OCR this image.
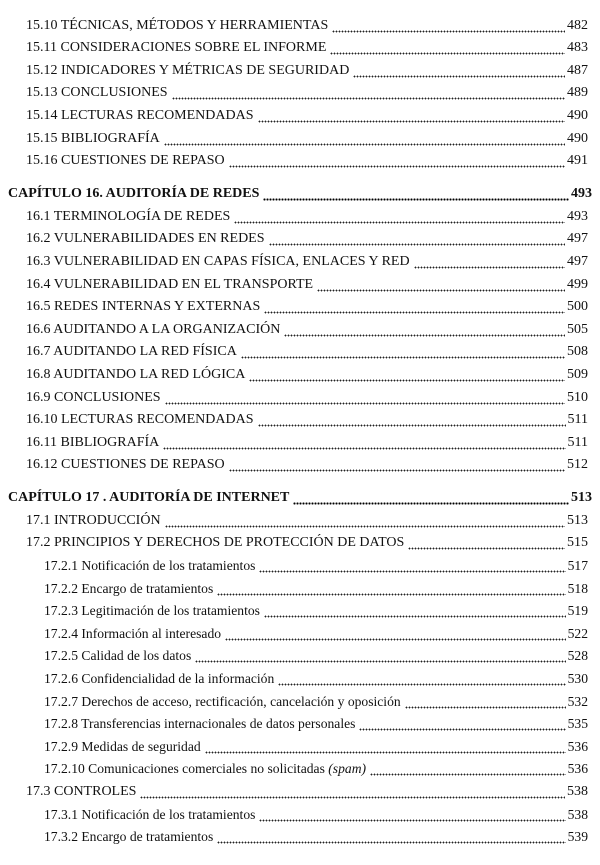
15.10 TÉCNICAS, MÉTODOS Y HERRAMIENTAS	482
15.11 CONSIDERACIONES SOBRE EL INFORME	483
15.12 INDICADORES Y MÉTRICAS DE SEGURIDAD	487
15.13 CONCLUSIONES	489
15.14 LECTURAS RECOMENDADAS	490
15.15 BIBLIOGRAFÍA	490
15.16 CUESTIONES DE REPASO	491
CAPÍTULO 16. AUDITORÍA DE REDES	493
16.1 TERMINOLOGÍA DE REDES	493
16.2 VULNERABILIDADES EN REDES	497
16.3 VULNERABILIDAD EN CAPAS FÍSICA, ENLACES Y RED	497
16.4 VULNERABILIDAD EN EL TRANSPORTE	499
16.5 REDES INTERNAS Y EXTERNAS	500
16.6 AUDITANDO A LA ORGANIZACIÓN	505
16.7 AUDITANDO LA RED FÍSICA	508
16.8 AUDITANDO LA RED LÓGICA	509
16.9 CONCLUSIONES	510
16.10 LECTURAS RECOMENDADAS	511
16.11 BIBLIOGRAFÍA	511
16.12 CUESTIONES DE REPASO	512
CAPÍTULO 17 . AUDITORÍA DE INTERNET	513
17.1 INTRODUCCIÓN	513
17.2 PRINCIPIOS Y DERECHOS DE PROTECCIÓN DE DATOS	515
17.2.1 Notificación de los tratamientos	517
17.2.2 Encargo de tratamientos	518
17.2.3 Legitimación de los tratamientos	519
17.2.4 Información al interesado	522
17.2.5 Calidad de los datos	528
17.2.6 Confidencialidad de la información	530
17.2.7 Derechos de acceso, rectificación, cancelación y oposición	532
17.2.8 Transferencias internacionales de datos personales	535
17.2.9 Medidas de seguridad	536
17.2.10 Comunicaciones comerciales no solicitadas (spam)	536
17.3 CONTROLES	538
17.3.1 Notificación de los tratamientos	538
17.3.2 Encargo de tratamientos	539
